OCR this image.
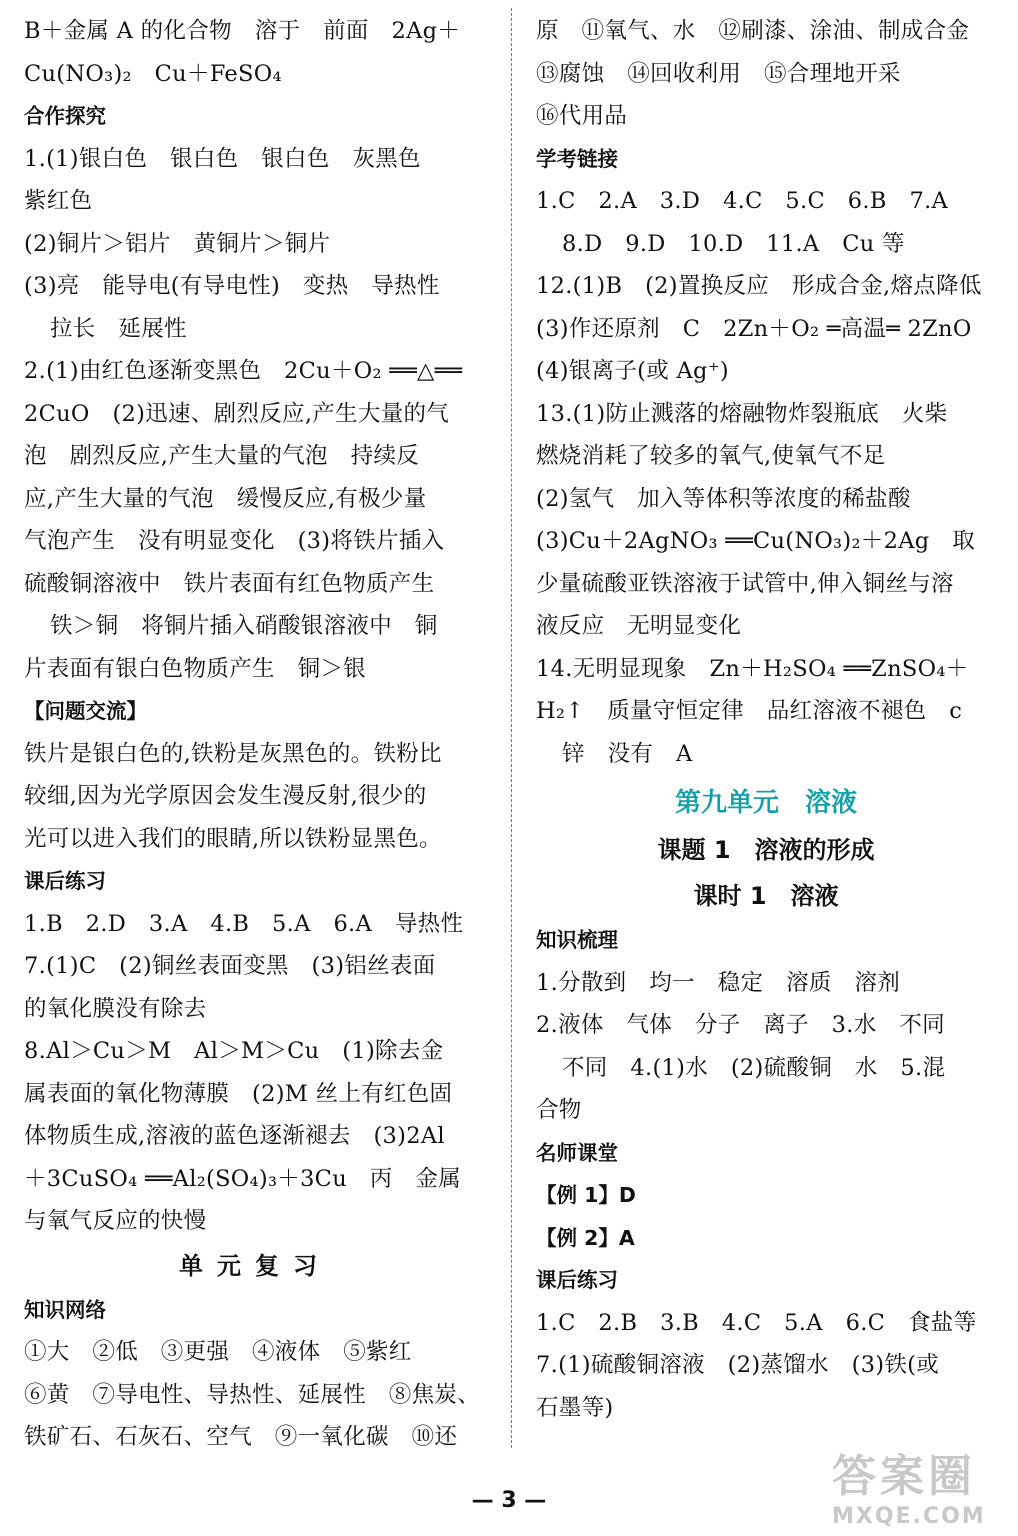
B＋金属 A 的化合物　溶于　前面　2Ag＋
Cu(NO₃)₂　Cu＋FeSO₄
合作探究
1.(1)银白色　银白色　银白色　灰黑色
紫红色
(2)铜片＞铝片　黄铜片＞铜片
(3)亮　能导电(有导电性)　变热　导热性
拉长　延展性
2.(1)由红色逐渐变黑色　2Cu＋O₂ ══△══
2CuO　(2)迅速、剧烈反应,产生大量的气
泡　剧烈反应,产生大量的气泡　持续反
应,产生大量的气泡　缓慢反应,有极少量
气泡产生　没有明显变化　(3)将铁片插入
硫酸铜溶液中　铁片表面有红色物质产生
铁＞铜　将铜片插入硝酸银溶液中　铜
片表面有银白色物质产生　铜＞银
【问题交流】
铁片是银白色的,铁粉是灰黑色的。铁粉比
较细,因为光学原因会发生漫反射,很少的
光可以进入我们的眼睛,所以铁粉显黑色。
课后练习
1.B　2.D　3.A　4.B　5.A　6.A　导热性
7.(1)C　(2)铜丝表面变黑　(3)铝丝表面
的氧化膜没有除去
8.Al＞Cu＞M　Al＞M＞Cu　(1)除去金
属表面的氧化物薄膜　(2)M 丝上有红色固
体物质生成,溶液的蓝色逐渐褪去　(3)2Al
＋3CuSO₄ ══Al₂(SO₄)₃＋3Cu　丙　金属
与氧气反应的快慢
单元复习
知识网络
①大　②低　③更强　④液体　⑤紫红
⑥黄　⑦导电性、导热性、延展性　⑧焦炭、
铁矿石、石灰石、空气　⑨一氧化碳　⑩还
原　⑪氧气、水　⑫刷漆、涂油、制成合金
⑬腐蚀　⑭回收利用　⑮合理地开采
⑯代用品
学考链接
1.C　2.A　3.D　4.C　5.C　6.B　7.A
8.D　9.D　10.D　11.A　Cu 等
12.(1)B　(2)置换反应　形成合金,熔点降低
(3)作还原剂　C　2Zn＋O₂ ═高温═ 2ZnO
(4)银离子(或 Ag⁺)
13.(1)防止溅落的熔融物炸裂瓶底　火柴
燃烧消耗了较多的氧气,使氧气不足
(2)氢气　加入等体积等浓度的稀盐酸
(3)Cu＋2AgNO₃ ══Cu(NO₃)₂＋2Ag　取
少量硫酸亚铁溶液于试管中,伸入铜丝与溶
液反应　无明显变化
14.无明显现象　Zn＋H₂SO₄ ══ZnSO₄＋
H₂↑　质量守恒定律　品红溶液不褪色　c
锌　没有　A
第九单元　溶液
课题 1　溶液的形成
课时 1　溶液
知识梳理
1.分散到　均一　稳定　溶质　溶剂
2.液体　气体　分子　离子　3.水　不同
不同　4.(1)水　(2)硫酸铜　水　5.混
合物
名师课堂
【例 1】D
【例 2】A
课后练习
1.C　2.B　3.B　4.C　5.A　6.C　食盐等
7.(1)硫酸铜溶液　(2)蒸馏水　(3)铁(或
石墨等)
— 3 —	答案圈
MXQE.COM
